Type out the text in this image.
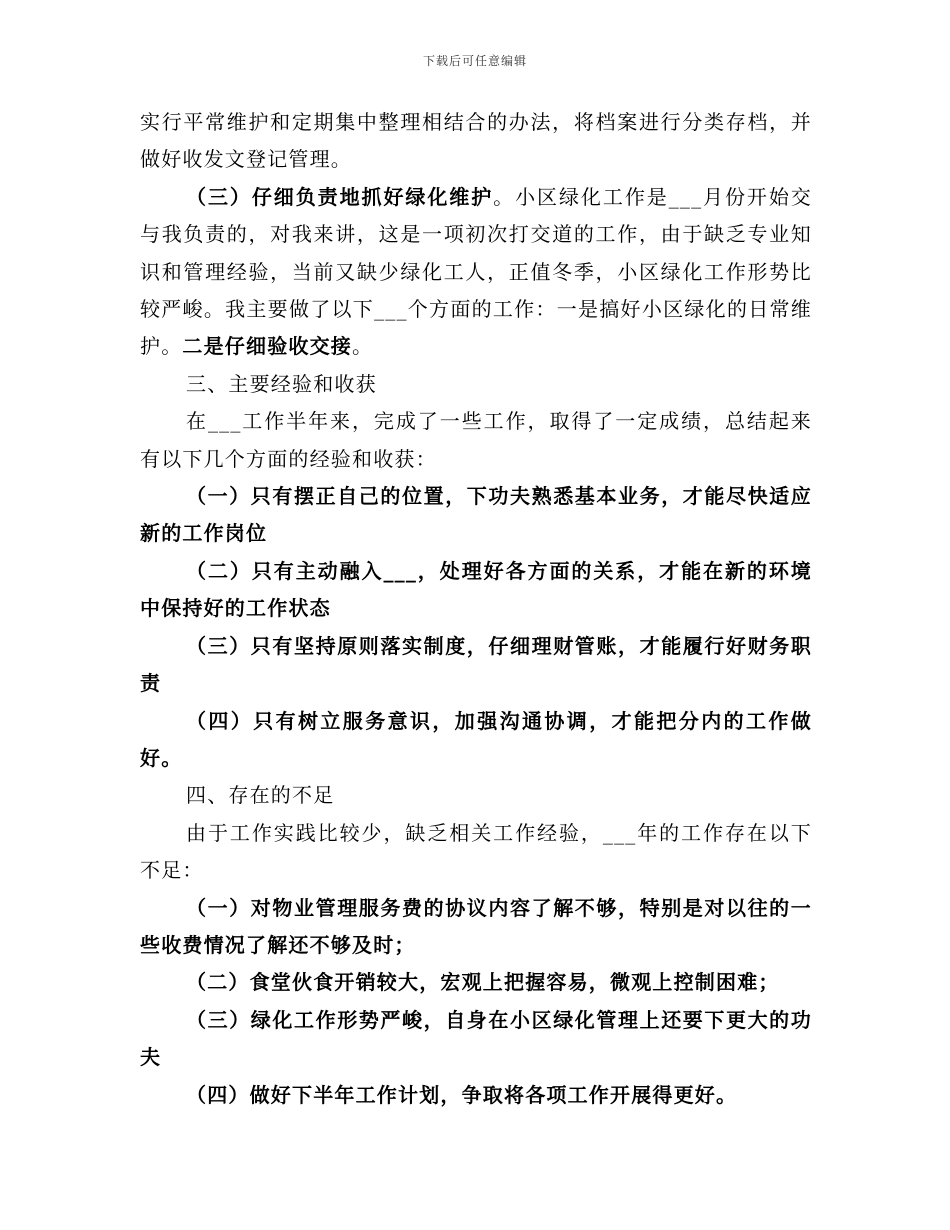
下载后可任意编辑

实行平常维护和定期集中整理相结合的办法，将档案进行分类存档，并做好收发文登记管理。

（三）仔细负责地抓好绿化维护。小区绿化工作是___月份开始交与我负责的，对我来讲，这是一项初次打交道的工作，由于缺乏专业知识和管理经验，当前又缺少绿化工人，正值冬季，小区绿化工作形势比较严峻。我主要做了以下___个方面的工作：一是搞好小区绿化的日常维护。二是仔细验收交接。

三、主要经验和收获

在___工作半年来，完成了一些工作，取得了一定成绩，总结起来有以下几个方面的经验和收获：

（一）只有摆正自己的位置，下功夫熟悉基本业务，才能尽快适应新的工作岗位

（二）只有主动融入___，处理好各方面的关系，才能在新的环境中保持好的工作状态

（三）只有坚持原则落实制度，仔细理财管账，才能履行好财务职责

（四）只有树立服务意识，加强沟通协调，才能把分内的工作做好。

四、存在的不足

由于工作实践比较少，缺乏相关工作经验，___年的工作存在以下不足：

（一）对物业管理服务费的协议内容了解不够，特别是对以往的一些收费情况了解还不够及时；

（二）食堂伙食开销较大，宏观上把握容易，微观上控制困难；

（三）绿化工作形势严峻，自身在小区绿化管理上还要下更大的功夫

（四）做好下半年工作计划，争取将各项工作开展得更好。
